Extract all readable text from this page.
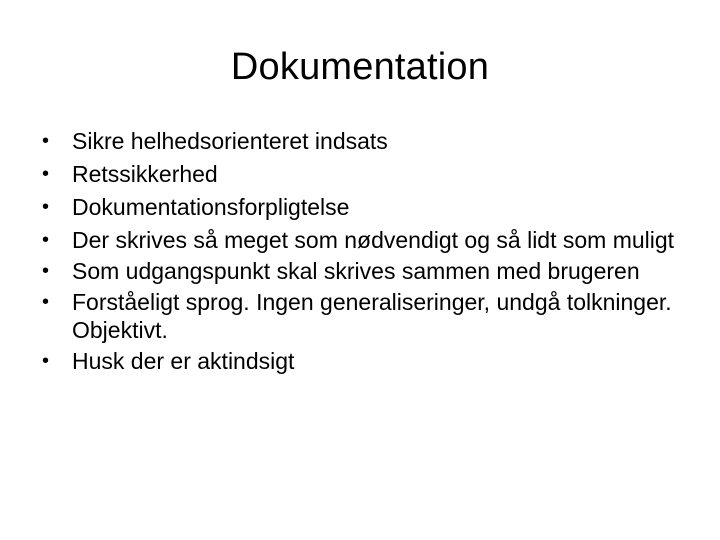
Dokumentation
• Sikre helhedsorienteret indsats
• Retssikkerhed
• Dokumentationsforpligtelse
• Der skrives så meget som nødvendigt og så lidt som muligt
• Som udgangspunkt skal skrives sammen med brugeren
• Forståeligt sprog. Ingen generaliseringer, undgå tolkninger. Objektivt.
• Husk der er aktindsigt
